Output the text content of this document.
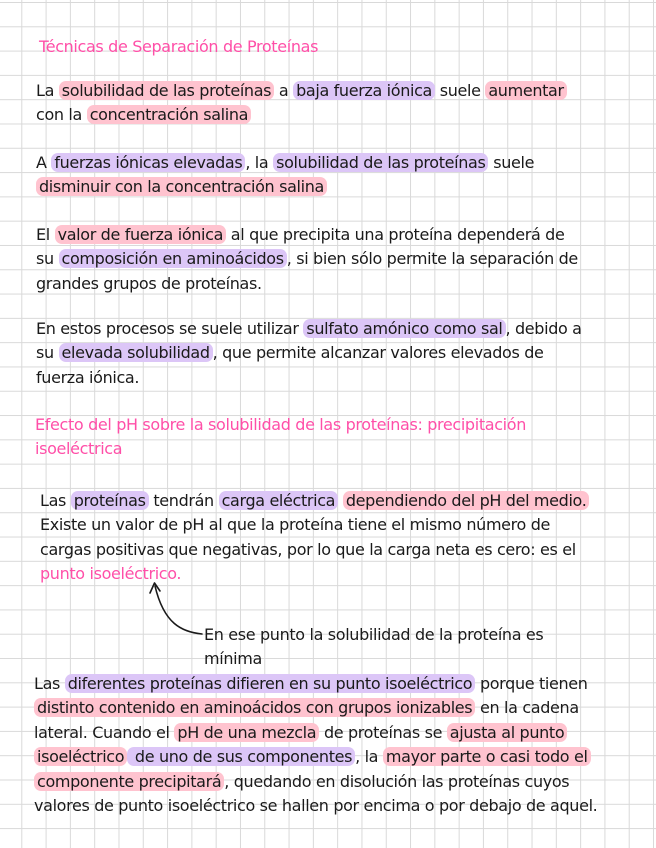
Técnicas de Separación de Proteínas
La solubilidad de las proteínas a baja fuerza iónica suele aumentar
con la concentración salina
A fuerzas iónicas elevadas , la solubilidad de las proteínas suele
disminuir con la concentración salina
El valor de fuerza iónica al que precipita una proteína dependerá de
su composición en aminoácidos , si bien sólo permite la separación de
grandes grupos de proteínas.
En estos procesos se suele utilizar sulfato amónico como sal , debido a
su elevada solubilidad , que permite alcanzar valores elevados de
fuerza iónica.
Efecto del pH sobre la solubilidad de las proteínas: precipitación
isoeléctrica
Las proteínas tendrán carga eléctrica dependiendo del pH del medio.
Existe un valor de pH al que la proteína tiene el mismo número de
cargas positivas que negativas, por lo que la carga neta es cero: es el
punto isoeléctrico.
En ese punto la solubilidad de la proteína es
mínima
Las diferentes proteínas difieren en su punto isoeléctrico porque tienen
distinto contenido en aminoácidos con grupos ionizables en la cadena
lateral. Cuando el pH de una mezcla de proteínas se ajusta al punto
isoeléctrico de uno de sus componentes , la mayor parte o casi todo el
componente precipitará , quedando en disolución las proteínas cuyos
valores de punto isoeléctrico se hallen por encima o por debajo de aquel.
